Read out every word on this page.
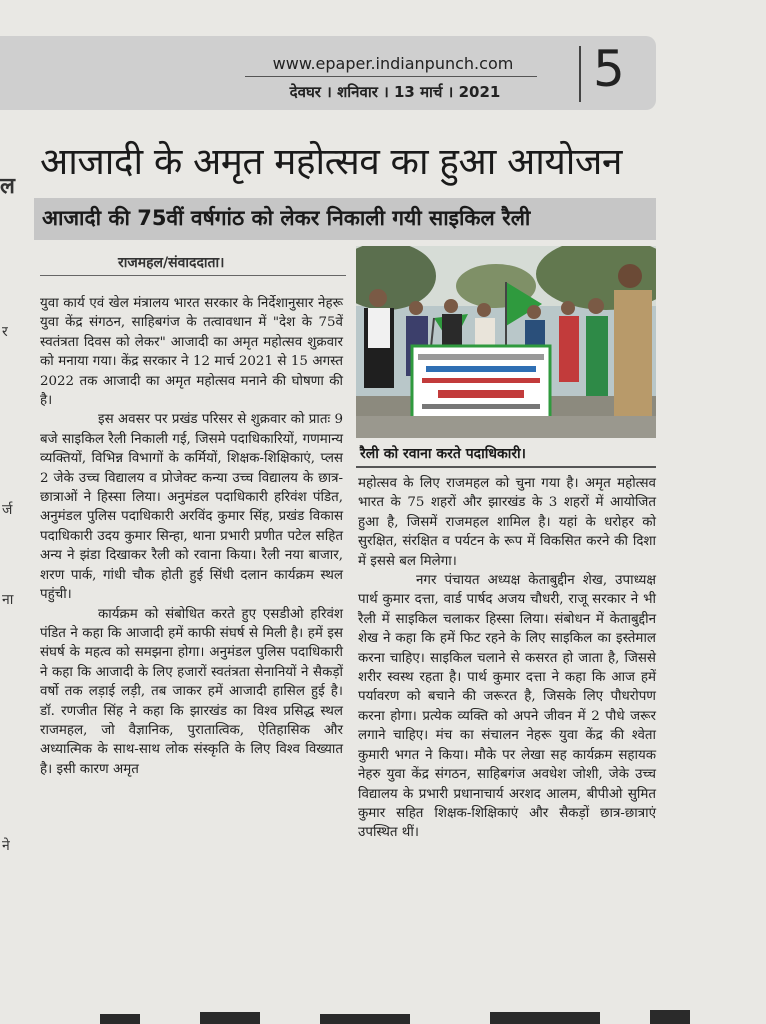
www.epaper.indianpunch.com
देवघर । शनिवार । 13 मार्च । 2021	5
ल
र
र्ज
ना
ने
आजादी के अमृत महोत्सव का हुआ आयोजन
आजादी की 75वीं वर्षगांठ को लेकर निकाली गयी साइकिल रैली
राजमहल/संवाददाता।
रैली को रवाना करते पदाधिकारी।

युवा कार्य एवं खेल मंत्रालय भारत सरकार के निर्देशानुसार नेहरू युवा केंद्र संगठन, साहिबगंज के तत्वावधान में "देश के 75वें स्वतंत्रता दिवस को लेकर" आजादी का अमृत महोत्सव शुक्रवार को मनाया गया। केंद्र सरकार ने 12 मार्च 2021 से 15 अगस्त 2022 तक आजादी का अमृत महोत्सव मनाने की घोषणा की है।

इस अवसर पर प्रखंड परिसर से शुक्रवार को प्रातः 9 बजे साइकिल रैली निकाली गई, जिसमे पदाधिकारियों, गणमान्य व्यक्तियों, विभिन्न विभागों के कर्मियों, शिक्षक-शिक्षिकाएं, प्लस 2 जेके उच्च विद्यालय व प्रोजेक्ट कन्या उच्च विद्यालय के छात्र-छात्राओं ने हिस्सा लिया। अनुमंडल पदाधिकारी हरिवंश पंडित, अनुमंडल पुलिस पदाधिकारी अरविंद कुमार सिंह, प्रखंड विकास पदाधिकारी उदय कुमार सिन्हा, थाना प्रभारी प्रणीत पटेल सहित अन्य ने झंडा दिखाकर रैली को रवाना किया। रैली नया बाजार, शरण पार्क, गांधी चौक होती हुई सिंधी दलान कार्यक्रम स्थल पहुंची।

कार्यक्रम को संबोधित करते हुए एसडीओ हरिवंश पंडित ने कहा कि आजादी हमें काफी संघर्ष से मिली है। हमें इस संघर्ष के महत्व को समझना होगा। अनुमंडल पुलिस पदाधिकारी ने कहा कि आजादी के लिए हजारों स्वतंत्रता सेनानियों ने सैकड़ों वर्षो तक लड़ाई लड़ी, तब जाकर हमें आजादी हासिल हुई है। डॉ. रणजीत सिंह ने कहा कि झारखंड का विश्व प्रसिद्ध स्थल राजमहल, जो वैज्ञानिक, पुरातात्विक, ऐतिहासिक और अध्यात्मिक के साथ-साथ लोक संस्कृति के लिए विश्व विख्यात है। इसी कारण अमृत

महोत्सव के लिए राजमहल को चुना गया है। अमृत महोत्सव भारत के 75 शहरों और झारखंड के 3 शहरों में आयोजित हुआ है, जिसमें राजमहल शामिल है। यहां के धरोहर को सुरक्षित, संरक्षित व पर्यटन के रूप में विकसित करने की दिशा में इससे बल मिलेगा।

नगर पंचायत अध्यक्ष केताबुद्दीन शेख, उपाध्यक्ष पार्थ कुमार दत्ता, वार्ड पार्षद अजय चौधरी, राजू सरकार ने भी रैली में साइकिल चलाकर हिस्सा लिया। संबोधन में केताबुद्दीन शेख ने कहा कि हमें फिट रहने के लिए साइकिल का इस्तेमाल करना चाहिए। साइकिल चलाने से कसरत हो जाता है, जिससे शरीर स्वस्थ रहता है। पार्थ कुमार दत्ता ने कहा कि आज हमें पर्यावरण को बचाने की जरूरत है, जिसके लिए पौधरोपण करना होगा। प्रत्येक व्यक्ति को अपने जीवन में 2 पौधे जरूर लगाने चाहिए। मंच का संचालन नेहरू युवा केंद्र की श्वेता कुमारी भगत ने किया। मौके पर लेखा सह कार्यक्रम सहायक नेहरु युवा केंद्र संगठन, साहिबगंज अवधेश जोशी, जेके उच्च विद्यालय के प्रभारी प्रधानाचार्य अरशद आलम, बीपीओ सुमित कुमार सहित शिक्षक-शिक्षिकाएं और सैकड़ों छात्र-छात्राएं उपस्थित थीं।
